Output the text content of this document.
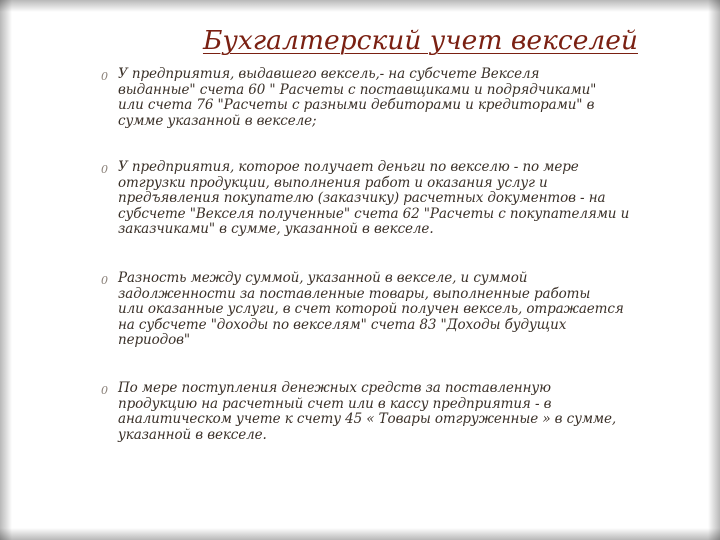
Бухгалтерский учет векселей
0 У предприятия, выдавшего вексель,- на субсчете Векселя
выданные" счета 60 " Расчеты с поставщиками и подрядчиками"
или счета 76 "Расчеты с разными дебиторами и кредиторами" в
сумме указанной в векселе;
0 У предприятия, которое получает деньги по векселю - по мере
отгрузки продукции, выполнения работ и оказания услуг и
предъявления покупателю (заказчику) расчетных документов - на
субсчете "Векселя полученные" счета 62 "Расчеты с покупателями и
заказчиками" в сумме, указанной в векселе.
0 Разность между суммой, указанной в векселе, и суммой
задолженности за поставленные товары, выполненные работы
или оказанные услуги, в счет которой получен вексель, отражается
на субсчете "доходы по векселям" счета 83 "Доходы будущих
периодов"
0 По мере поступления денежных средств за поставленную
продукцию на расчетный счет или в кассу предприятия - в
аналитическом учете к счету 45 « Товары отгруженные » в сумме,
указанной в векселе.
